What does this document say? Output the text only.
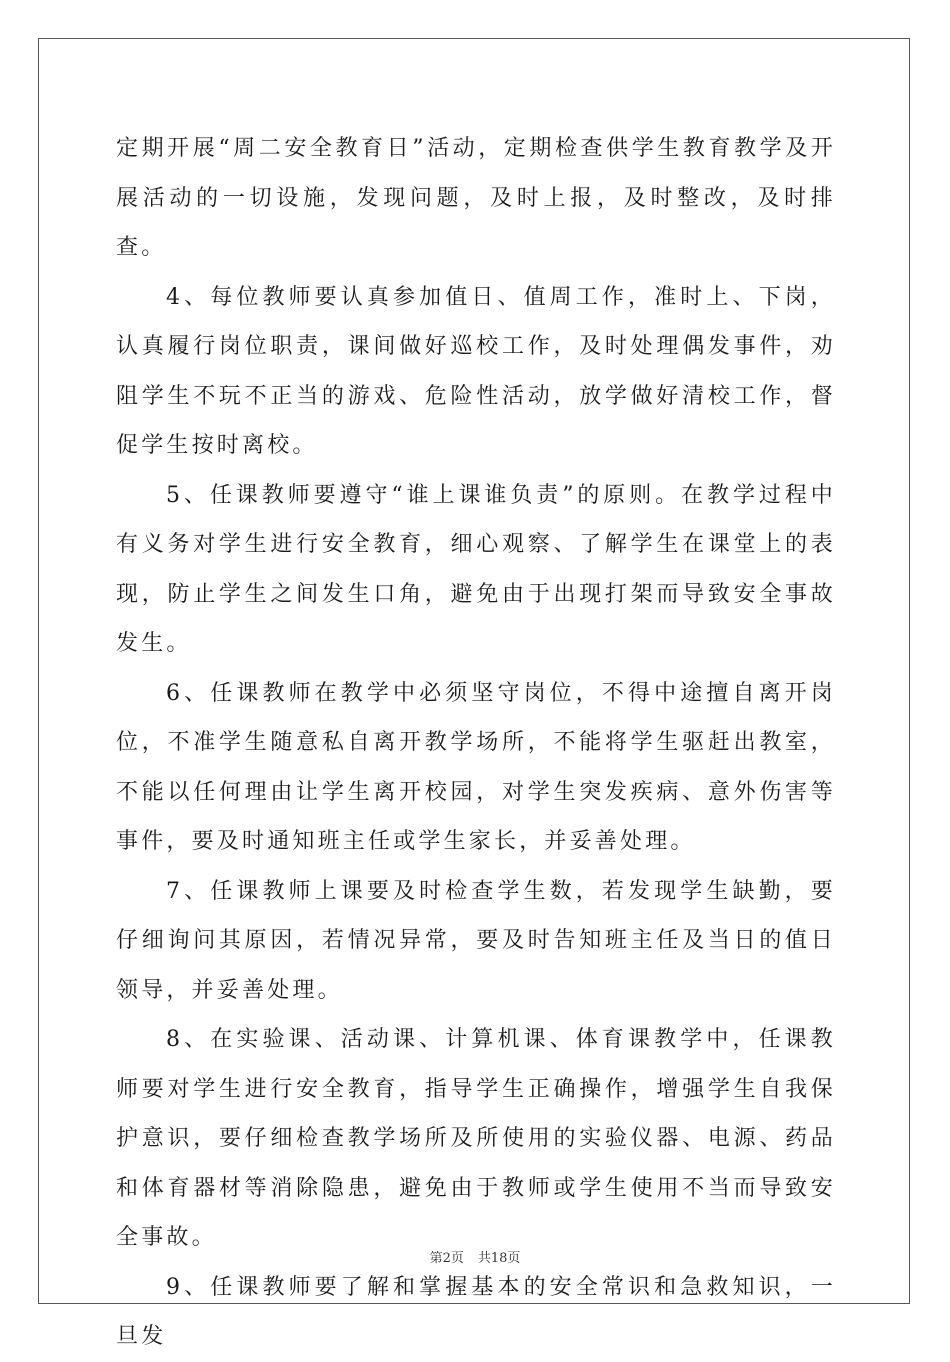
定期开展“周二安全教育日”活动，定期检查供学生教育教学及开展活动的一切设施，发现问题，及时上报，及时整改，及时排查。

4、每位教师要认真参加值日、值周工作，准时上、下岗，认真履行岗位职责，课间做好巡校工作，及时处理偶发事件，劝阻学生不玩不正当的游戏、危险性活动，放学做好清校工作，督促学生按时离校。

5、任课教师要遵守“谁上课谁负责”的原则。在教学过程中有义务对学生进行安全教育，细心观察、了解学生在课堂上的表现，防止学生之间发生口角，避免由于出现打架而导致安全事故发生。

6、任课教师在教学中必须坚守岗位，不得中途擅自离开岗位，不准学生随意私自离开教学场所，不能将学生驱赶出教室，不能以任何理由让学生离开校园，对学生突发疾病、意外伤害等事件，要及时通知班主任或学生家长，并妥善处理。

7、任课教师上课要及时检查学生数，若发现学生缺勤，要仔细询问其原因，若情况异常，要及时告知班主任及当日的值日领导，并妥善处理。

8、在实验课、活动课、计算机课、体育课教学中，任课教师要对学生进行安全教育，指导学生正确操作，增强学生自我保护意识，要仔细检查教学场所及所使用的实验仪器、电源、药品和体育器材等消除隐患，避免由于教师或学生使用不当而导致安全事故。

9、任课教师要了解和掌握基本的安全常识和急救知识，一旦发

第2页 共18页
